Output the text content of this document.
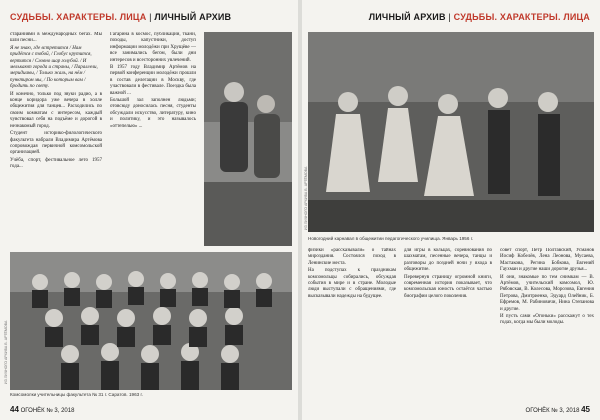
СУДЬБЫ. ХАРАКТЕРЫ. ЛИЦА | ЛИЧНЫЙ АРХИВ

стараниями в международных бегах. Мы шли песни...

Я не знаю, где встретится / Нам придётся с тобой, / Глобус крутится, вертится / Словно шар голубой. / И мелькают города и страны, / Параллели, меридианы, / Только жаль, на нём / пунктиром мы, / По которым вам / бродить по свету.

И конечно, только под звуки радио, а в конце коридора уже вечера в холле общежития для танцев... Расходились по своим комнатам с интересом, каждый чувствовал себя на подъёме и дорогой в незнакомый город.

Студент историко-филологического факультета набрали Владимира Артёмова сопровождая первичной комсомольской организацией.

Учёба, спорт, фестивальное лето 1957 года...

Гагарина в космос, публикации, ткани, походы, капустники, доступ информации молодёжи при Хрущёве — все занимались бегом, были дни интересов и всесторонних увлечений.

В 1957 году Владимир Артёмов на первой конференции молодёжи прошли в состав делегации в Москву, где участвовали в фестивале. Поездка была важной ...

Большой зал заполнен людьми; отовсюду доносилась песня, студенты обсуждали искусство, литературу, кино и политику, и это называлось «оттепелью» ...

ИЗ ЛИЧНОГО АРХИВА В. АРТЁМОВА
Комсомолки учительницы факультета № 31 г. Саратов. 1963 г.
44 ОГОНЁК № 3, 2018
ЛИЧНЫЙ АРХИВ | СУДЬБЫ. ХАРАКТЕРЫ. ЛИЦА
ИЗ ЛИЧНОГО АРХИВА В. АРТЁМОВА
Новогодний карнавал в общежитии педагогического училища. Январь 1956 г.

физики «рассказывали» о тайнах мироздания. Состоялся поход в Ленинские места.

На подступах к праздникам комсомольцы собирались, обсуждая события в мире и в стране. Молодые люди выступали с обращениями, где высказывали надежды на будущее.

для игры в кольцах, соревнования по шахматам, песенные вечера, танцы и разговоры до поздней ночи у входа в общежитие.

Перевернув страницу огромной книги, современная история показывает, что комсомольская юность остаётся частью биографии целого поколения.

совет спорт, Пётр Полтавский, Усманов Иосиф Кобелёв, Лена Леонова, Мусаева, Мастакова, Регина Бобкова, Евгений Гаухман и другие наши дорогие друзья...

И они, знакомые по тем снимкам — В. Артёмов, учительский комсомол, Ю. Рябовская, В. Колесова, Морозова, Евгения Петрова, Дмитриенко, Эдуард Олейник, Б. Ефремов, М. Рабиновичи, Нина Степанова и другие.

И пусть сами «Огоньки» расскажут о тех годах, когда мы были молоды.

ОГОНЁК № 3, 2018 45
